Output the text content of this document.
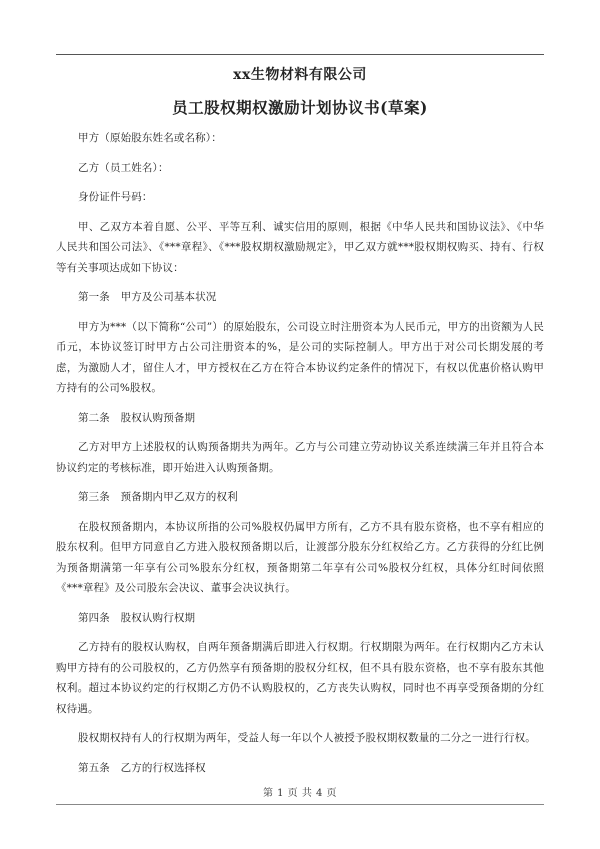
xx生物材料有限公司
员工股权期权激励计划协议书(草案)

甲方（原始股东姓名或名称）：

乙方（员工姓名）：

身份证件号码：

甲、乙双方本着自愿、公平、平等互利、诚实信用的原则，根据《中华人民共和国协议法》、《中华人民共和国公司法》、《***章程》、《***股权期权激励规定》，甲乙双方就***股权期权购买、持有、行权等有关事项达成如下协议：

第一条　甲方及公司基本状况

甲方为***（以下简称“公司”）的原始股东，公司设立时注册资本为人民币元，甲方的出资额为人民币元，本协议签订时甲方占公司注册资本的%，是公司的实际控制人。甲方出于对公司长期发展的考虑，为激励人才，留住人才，甲方授权在乙方在符合本协议约定条件的情况下，有权以优惠价格认购甲方持有的公司%股权。

第二条　股权认购预备期

乙方对甲方上述股权的认购预备期共为两年。乙方与公司建立劳动协议关系连续满三年并且符合本协议约定的考核标准，即开始进入认购预备期。

第三条　预备期内甲乙双方的权利

在股权预备期内，本协议所指的公司%股权仍属甲方所有，乙方不具有股东资格，也不享有相应的股东权利。但甲方同意自乙方进入股权预备期以后，让渡部分股东分红权给乙方。乙方获得的分红比例为预备期满第一年享有公司%股东分红权，预备期第二年享有公司%股权分红权，具体分红时间依照《***章程》及公司股东会决议、董事会决议执行。

第四条　股权认购行权期

乙方持有的股权认购权，自两年预备期满后即进入行权期。行权期限为两年。在行权期内乙方未认购甲方持有的公司股权的，乙方仍然享有预备期的股权分红权，但不具有股东资格，也不享有股东其他权利。超过本协议约定的行权期乙方仍不认购股权的，乙方丧失认购权，同时也不再享受预备期的分红权待遇。

股权期权持有人的行权期为两年，受益人每一年以个人被授予股权期权数量的二分之一进行行权。

第五条　乙方的行权选择权

第 1 页 共 4 页
